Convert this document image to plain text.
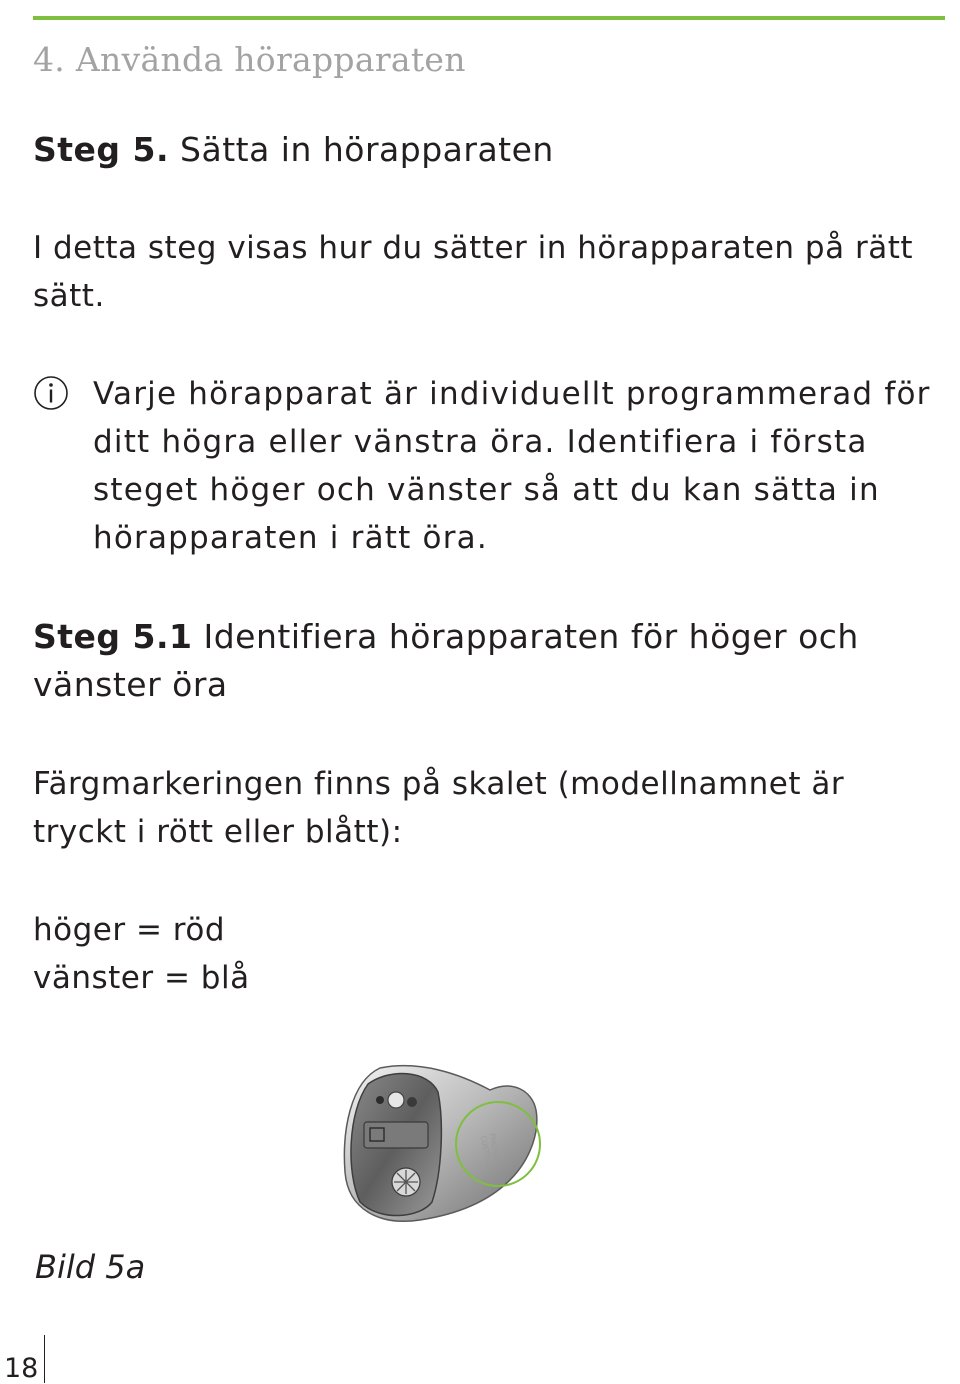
4. Använda hörapparaten
Steg 5. Sätta in hörapparaten
I detta steg visas hur du sätter in hörapparaten på rätt sätt.
Varje hörapparat är individuellt programmerad för ditt högra eller vänstra öra. Identifiera i första steget höger och vänster så att du kan sätta in hörapparaten i rätt öra.
Steg 5.1 Identifiera hörapparaten för höger och vänster öra
Färgmarkeringen finns på skalet (modellnamnet är tryckt i rött eller blått):
höger = röd
vänster = blå
PHONAK
CUSTOM
Bild 5a
18
